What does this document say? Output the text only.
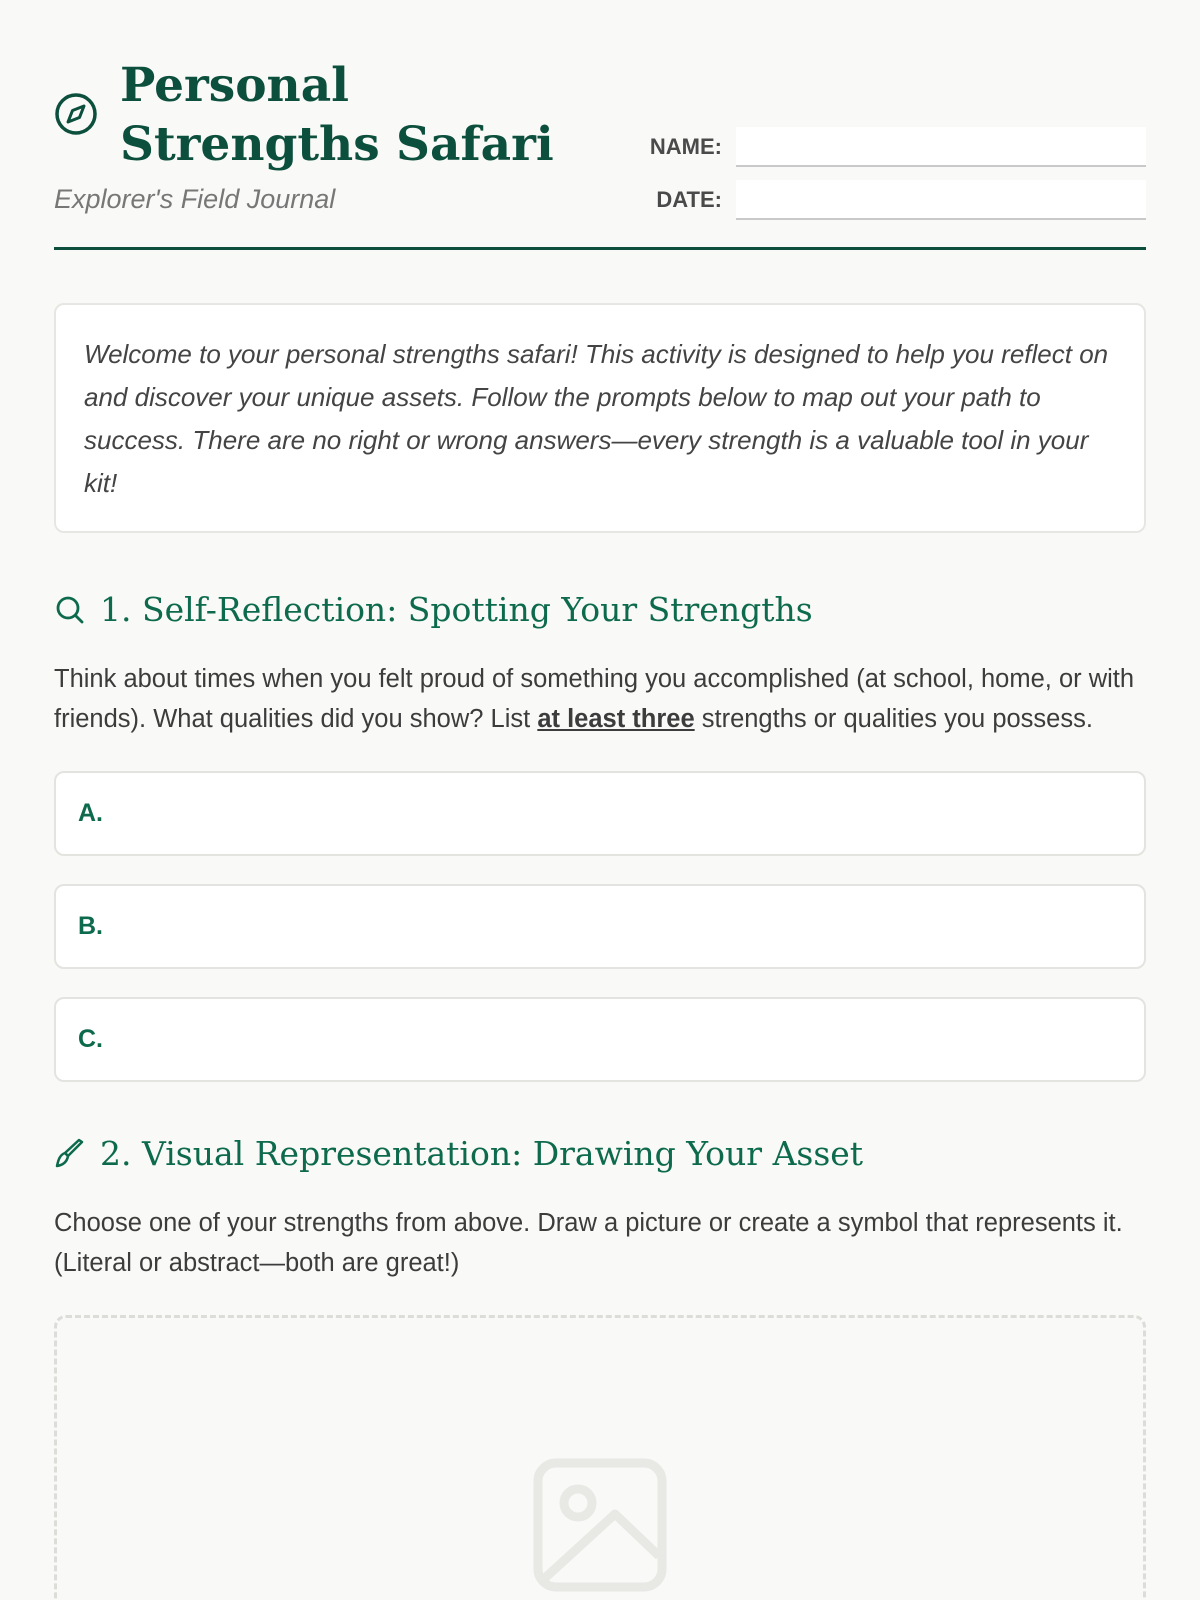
Personal Strengths Safari
Explorer's Field Journal
NAME:
DATE:

Welcome to your personal strengths safari! This activity is designed to help you reflect on and discover your unique assets. Follow the prompts below to map out your path to success. There are no right or wrong answers—every strength is a valuable tool in your kit!

1. Self-Reflection: Spotting Your Strengths

Think about times when you felt proud of something you accomplished (at school, home, or with friends). What qualities did you show? List at least three strengths or qualities you possess.

A.
B.
C.
2. Visual Representation: Drawing Your Asset

Choose one of your strengths from above. Draw a picture or create a symbol that represents it. (Literal or abstract—both are great!)
